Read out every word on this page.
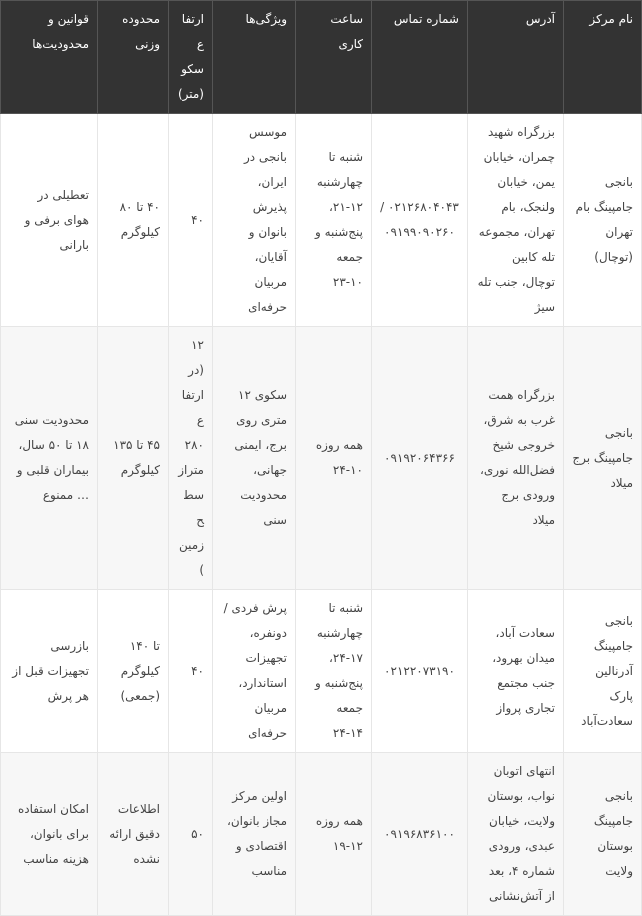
نام مرکز	آدرس	شماره تماس	ساعت کاری	ویژگی‌ها	ارتفاع سکو (متر)	محدوده وزنی	قوانین و محدودیت‌ها
بانجی جامپینگ بام تهران (توچال)	بزرگراه شهید چمران، خیابان یمن، خیابان ولنجک، بام تهران، مجموعه تله کابین توچال، جنب تله سیژ	۰۲۱۲۶۸۰۴۰۴۳ / ۰۹۱۹۹۰۹۰۲۶۰	شنبه تا چهارشنبه ۱۲-۲۱، پنج‌شنبه و جمعه ۱۰-۲۳	موسس بانجی در ایران، پذیرش بانوان و آقایان، مربیان حرفه‌ای	۴۰	۴۰ تا ۸۰ کیلوگرم	تعطیلی در هوای برفی و بارانی
بانجی جامپینگ برج میلاد	بزرگراه همت غرب به شرق، خروجی شیخ فضل‌الله نوری، ورودی برج میلاد	۰۹۱۹۲۰۶۴۳۶۶	همه روزه ۱۰-۲۴	سکوی ۱۲ متری روی برج، ایمنی جهانی، محدودیت سنی	۱۲ (در ارتفاع ۲۸۰ متراز سطح زمین)	۴۵ تا ۱۳۵ کیلوگرم	محدودیت سنی ۱۸ تا ۵۰ سال، بیماران قلبی و … ممنوع
بانجی جامپینگ آدرنالین پارک سعادت‌آباد	سعادت آباد، میدان بهرود، جنب مجتمع تجاری پرواز	۰۲۱۲۲۰۷۳۱۹۰	شنبه تا چهارشنبه ۱۷-۲۴، پنج‌شنبه و جمعه ۱۴-۲۴	پرش فردی / دونفره، تجهیزات استاندارد، مربیان حرفه‌ای	۴۰	تا ۱۴۰ کیلوگرم (جمعی)	بازرسی تجهیزات قبل از هر پرش
بانجی جامپینگ بوستان ولایت	انتهای اتوبان نواب، بوستان ولایت، خیابان عبدی، ورودی شماره ۴، بعد از آتش‌نشانی	۰۹۱۹۶۸۳۶۱۰۰	همه روزه ۱۲-۱۹	اولین مرکز مجاز بانوان، اقتصادی و مناسب	۵۰	اطلاعات دقیق ارائه نشده	امکان استفاده برای بانوان، هزینه مناسب
